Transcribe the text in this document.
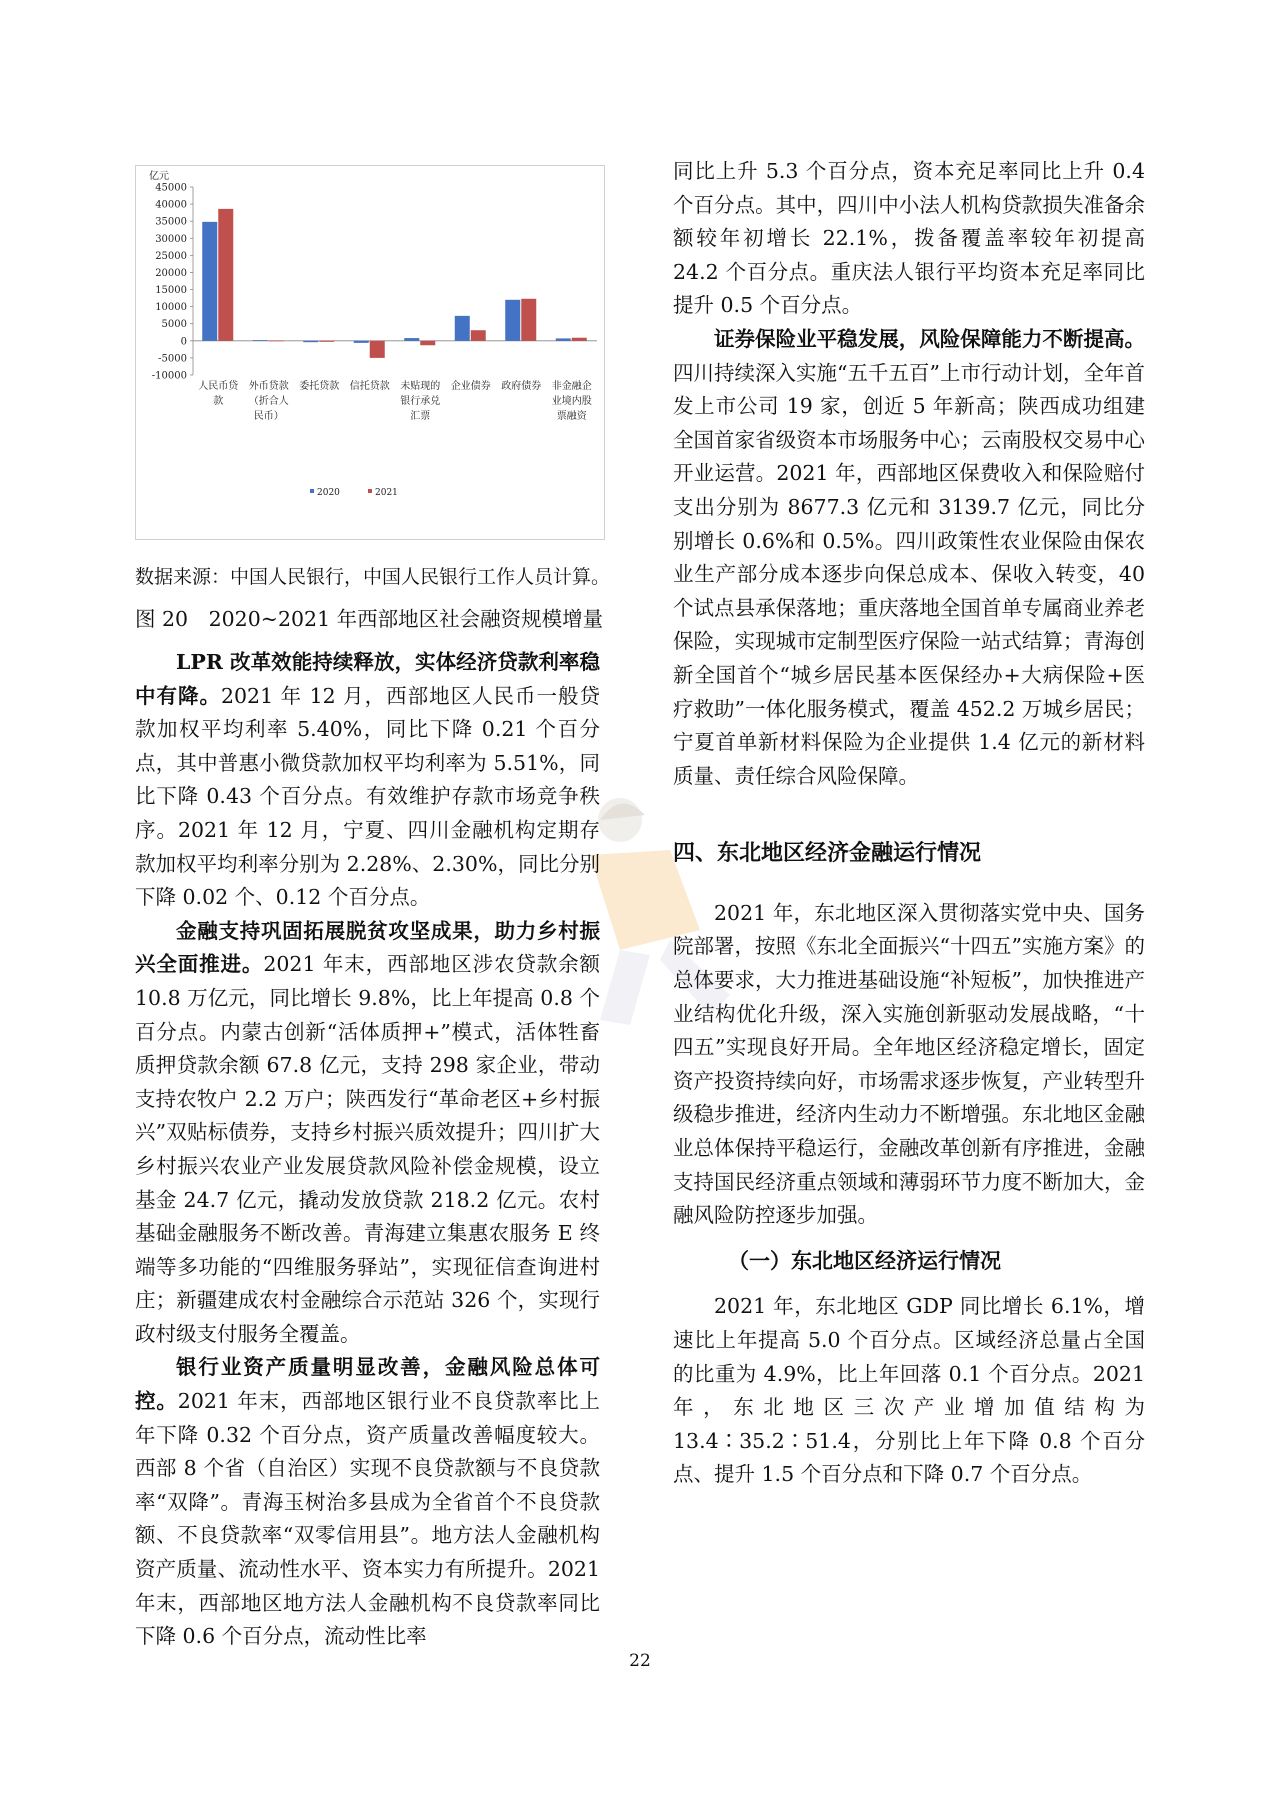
亿元
45000
40000
35000
30000
25000
20000
15000
10000
5000
0
-5000
-10000
人民币贷
款
外币贷款
（折合人
民币）
委托贷款 信托贷款 未贴现的
银行承兑
汇票
企业债券 政府债券 非金融企
业境内股
票融资
2020	2021
数据来源：中国人民银行，中国人民银行工作人员计算。
图 20　2020~2021 年西部地区社会融资规模增量

LPR 改革效能持续释放，实体经济贷款利率稳中有降。2021 年 12 月，西部地区人民币一般贷款加权平均利率 5.40%，同比下降 0.21 个百分点，其中普惠小微贷款加权平均利率为 5.51%，同比下降 0.43 个百分点。有效维护存款市场竞争秩序。2021 年 12 月，宁夏、四川金融机构定期存款加权平均利率分别为 2.28%、2.30%，同比分别下降 0.02 个、0.12 个百分点。

金融支持巩固拓展脱贫攻坚成果，助力乡村振兴全面推进。2021 年末，西部地区涉农贷款余额 10.8 万亿元，同比增长 9.8%，比上年提高 0.8 个百分点。内蒙古创新“活体质押+”模式，活体牲畜质押贷款余额 67.8 亿元，支持 298 家企业，带动支持农牧户 2.2 万户；陕西发行“革命老区+乡村振兴”双贴标债券，支持乡村振兴质效提升；四川扩大乡村振兴农业产业发展贷款风险补偿金规模，设立基金 24.7 亿元，撬动发放贷款 218.2 亿元。农村基础金融服务不断改善。青海建立集惠农服务 E 终端等多功能的“四维服务驿站”，实现征信查询进村庄；新疆建成农村金融综合示范站 326 个，实现行政村级支付服务全覆盖。

银行业资产质量明显改善，金融风险总体可控。2021 年末，西部地区银行业不良贷款率比上年下降 0.32 个百分点，资产质量改善幅度较大。西部 8 个省（自治区）实现不良贷款额与不良贷款率“双降”。青海玉树治多县成为全省首个不良贷款额、不良贷款率“双零信用县”。地方法人金融机构资产质量、流动性水平、资本实力有所提升。2021 年末，西部地区地方法人金融机构不良贷款率同比下降 0.6 个百分点，流动性比率

同比上升 5.3 个百分点，资本充足率同比上升 0.4 个百分点。其中，四川中小法人机构贷款损失准备余额较年初增长 22.1%，拨备覆盖率较年初提高 24.2 个百分点。重庆法人银行平均资本充足率同比提升 0.5 个百分点。

证券保险业平稳发展，风险保障能力不断提高。四川持续深入实施“五千五百”上市行动计划，全年首发上市公司 19 家，创近 5 年新高；陕西成功组建全国首家省级资本市场服务中心；云南股权交易中心开业运营。2021 年，西部地区保费收入和保险赔付支出分别为 8677.3 亿元和 3139.7 亿元，同比分别增长 0.6%和 0.5%。四川政策性农业保险由保农业生产部分成本逐步向保总成本、保收入转变，40 个试点县承保落地；重庆落地全国首单专属商业养老保险，实现城市定制型医疗保险一站式结算；青海创新全国首个“城乡居民基本医保经办+大病保险+医疗救助”一体化服务模式，覆盖 452.2 万城乡居民；宁夏首单新材料保险为企业提供 1.4 亿元的新材料质量、责任综合风险保障。

四、东北地区经济金融运行情况

2021 年，东北地区深入贯彻落实党中央、国务院部署，按照《东北全面振兴“十四五”实施方案》的总体要求，大力推进基础设施“补短板”，加快推进产业结构优化升级，深入实施创新驱动发展战略，“十四五”实现良好开局。全年地区经济稳定增长，固定资产投资持续向好，市场需求逐步恢复，产业转型升级稳步推进，经济内生动力不断增强。东北地区金融业总体保持平稳运行，金融改革创新有序推进，金融支持国民经济重点领域和薄弱环节力度不断加大，金融风险防控逐步加强。

（一）东北地区经济运行情况

2021 年，东北地区 GDP 同比增长 6.1%，增速比上年提高 5.0 个百分点。区域经济总量占全国的比重为 4.9%，比上年回落 0.1 个百分点。2021 年，东北地区三次产业增加值结构为 13.4∶35.2∶51.4，分别比上年下降 0.8 个百分点、提升 1.5 个百分点和下降 0.7 个百分点。

22
